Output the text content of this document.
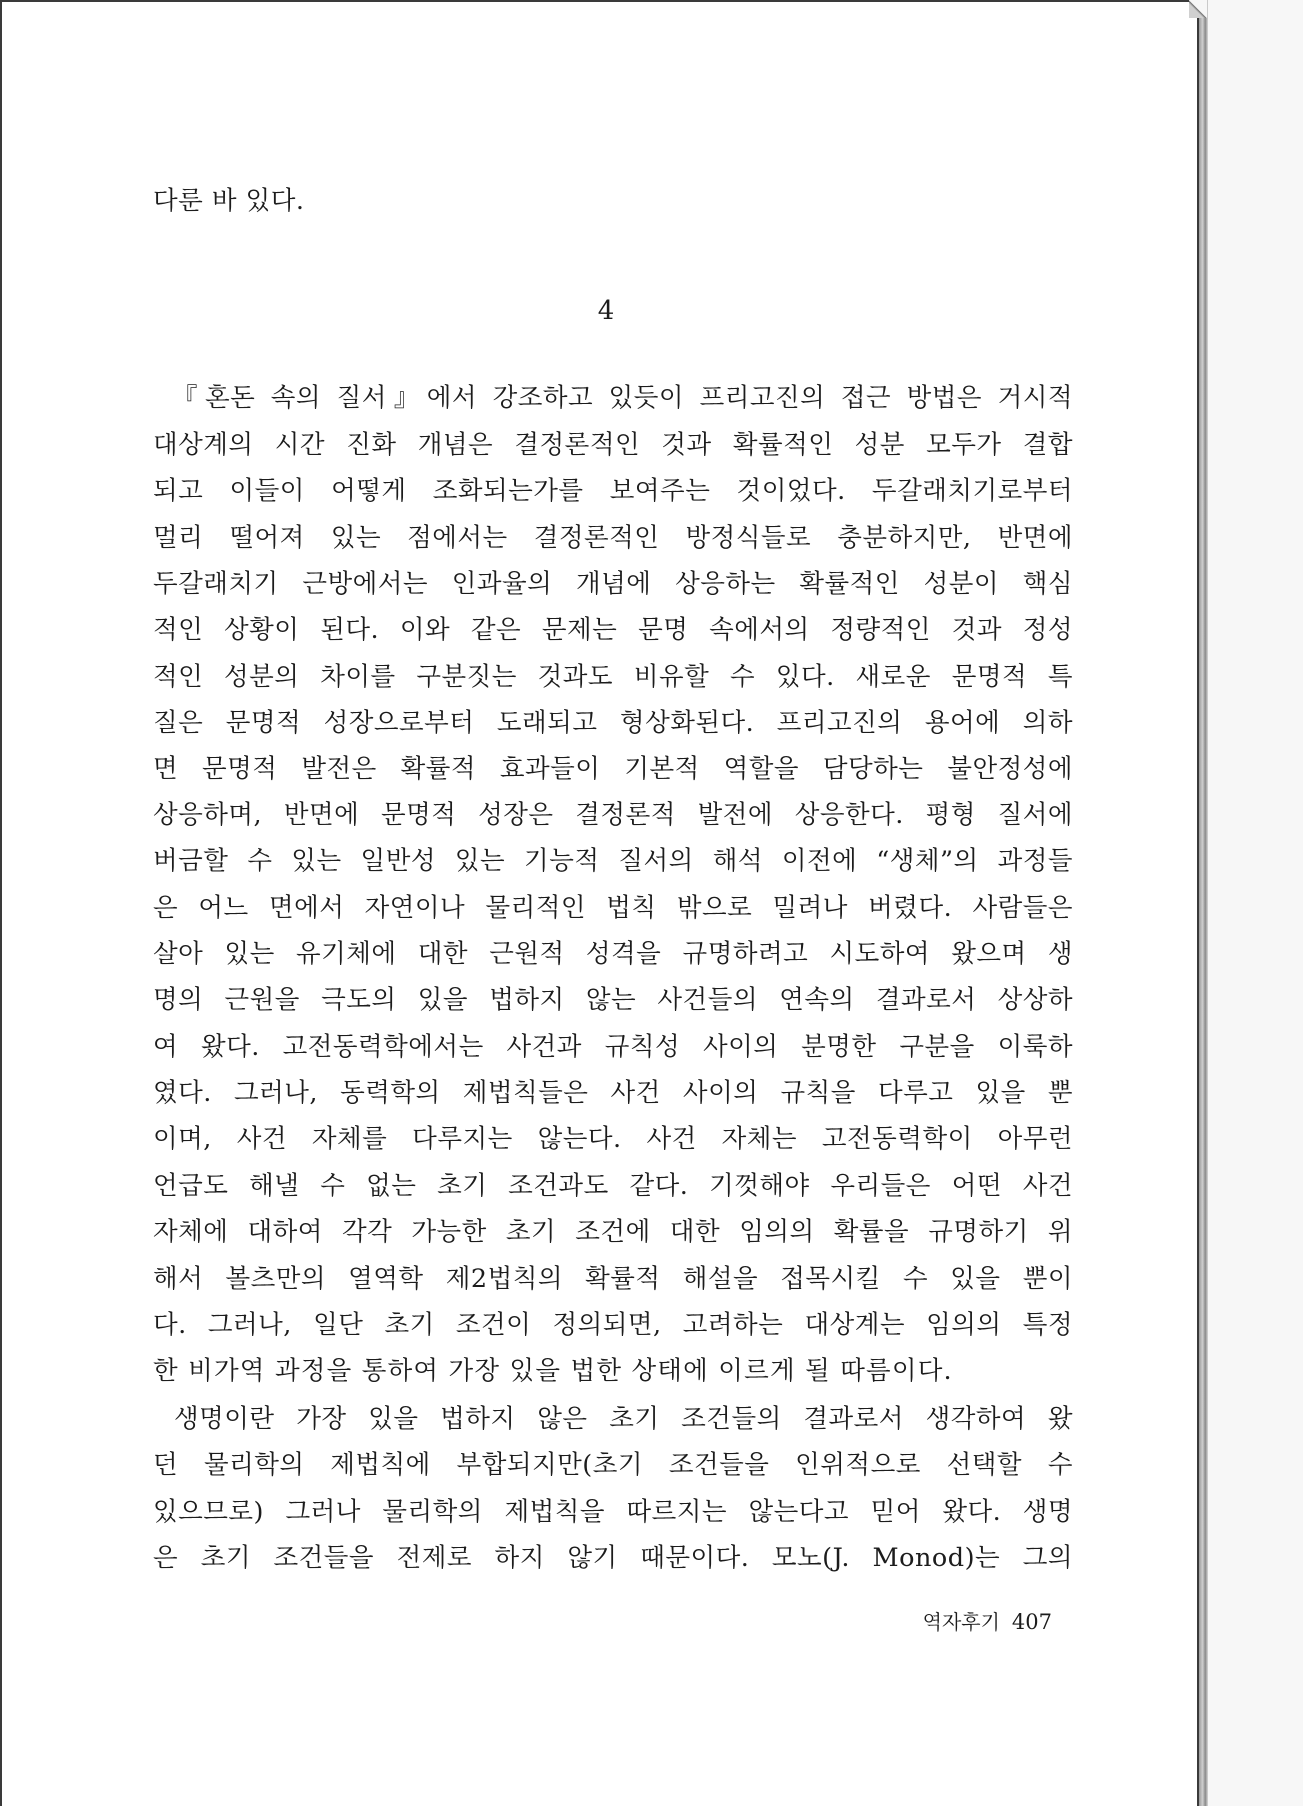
다룬 바 있다.
4
『혼돈 속의 질서』에서 강조하고 있듯이 프리고진의 접근 방법은 거시적
대상계의 시간 진화 개념은 결정론적인 것과 확률적인 성분 모두가 결합
되고 이들이 어떻게 조화되는가를 보여주는 것이었다. 두갈래치기로부터
멀리 떨어져 있는 점에서는 결정론적인 방정식들로 충분하지만, 반면에
두갈래치기 근방에서는 인과율의 개념에 상응하는 확률적인 성분이 핵심
적인 상황이 된다. 이와 같은 문제는 문명 속에서의 정량적인 것과 정성
적인 성분의 차이를 구분짓는 것과도 비유할 수 있다. 새로운 문명적 특
질은 문명적 성장으로부터 도래되고 형상화된다. 프리고진의 용어에 의하
면 문명적 발전은 확률적 효과들이 기본적 역할을 담당하는 불안정성에
상응하며, 반면에 문명적 성장은 결정론적 발전에 상응한다. 평형 질서에
버금할 수 있는 일반성 있는 기능적 질서의 해석 이전에 “생체”의 과정들
은 어느 면에서 자연이나 물리적인 법칙 밖으로 밀려나 버렸다. 사람들은
살아 있는 유기체에 대한 근원적 성격을 규명하려고 시도하여 왔으며 생
명의 근원을 극도의 있을 법하지 않는 사건들의 연속의 결과로서 상상하
여 왔다. 고전동력학에서는 사건과 규칙성 사이의 분명한 구분을 이룩하
였다. 그러나, 동력학의 제법칙들은 사건 사이의 규칙을 다루고 있을 뿐
이며, 사건 자체를 다루지는 않는다. 사건 자체는 고전동력학이 아무런
언급도 해낼 수 없는 초기 조건과도 같다. 기껏해야 우리들은 어떤 사건
자체에 대하여 각각 가능한 초기 조건에 대한 임의의 확률을 규명하기 위
해서 볼츠만의 열역학 제2법칙의 확률적 해설을 접목시킬 수 있을 뿐이
다. 그러나, 일단 초기 조건이 정의되면, 고려하는 대상계는 임의의 특정
한 비가역 과정을 통하여 가장 있을 법한 상태에 이르게 될 따름이다.
생명이란 가장 있을 법하지 않은 초기 조건들의 결과로서 생각하여 왔
던 물리학의 제법칙에 부합되지만(초기 조건들을 인위적으로 선택할 수
있으므로) 그러나 물리학의 제법칙을 따르지는 않는다고 믿어 왔다. 생명
은 초기 조건들을 전제로 하지 않기 때문이다. 모노(J. Monod)는 그의
역자후기 407
